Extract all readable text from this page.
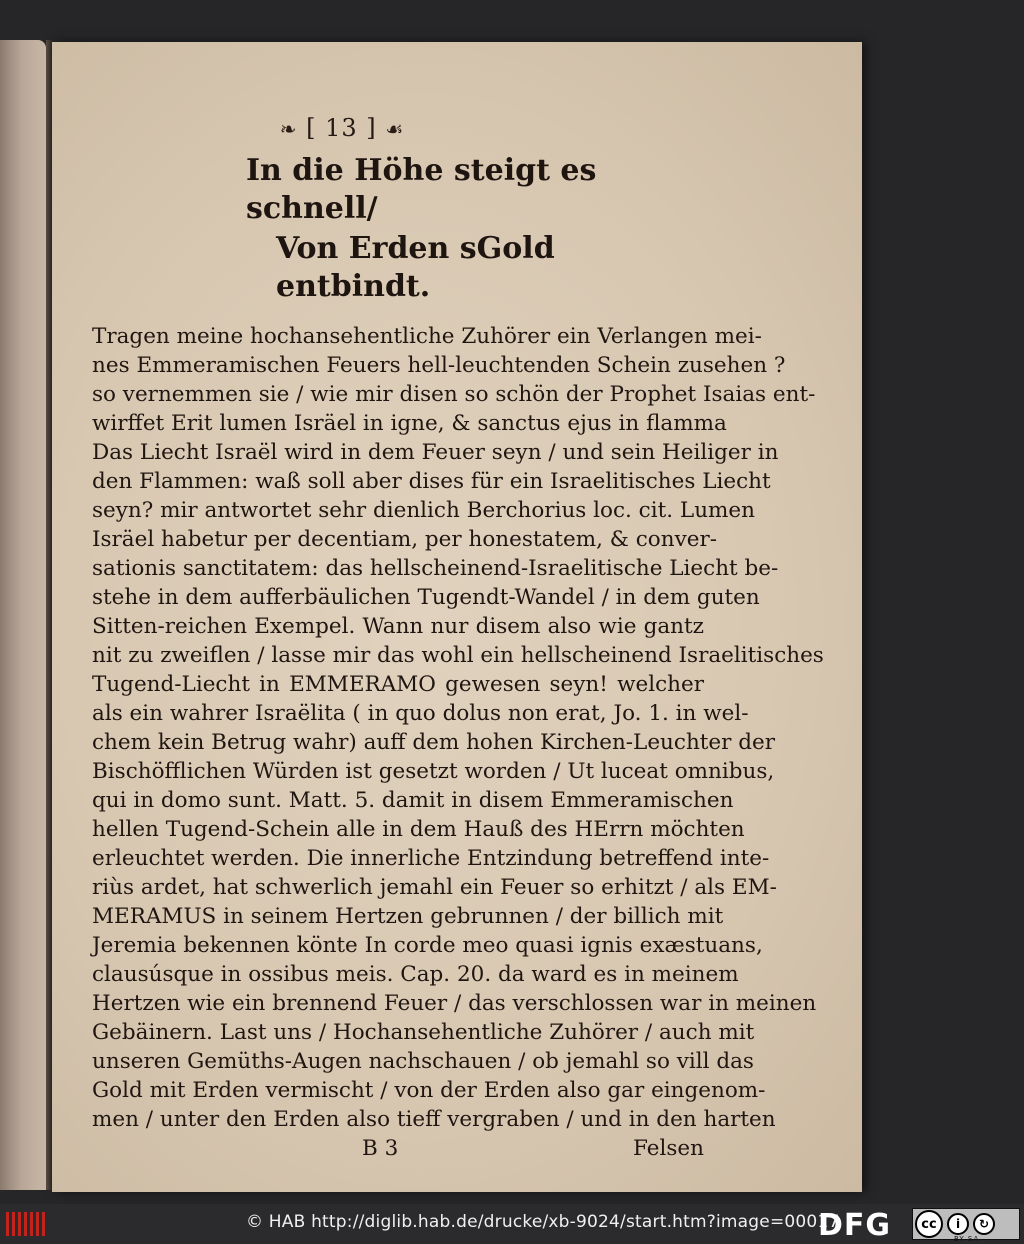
❧ [ 13 ] ☙
In die Höhe steigt es schnell/
Von Erden sGold entbindt.
Tragen meine hochansehentliche Zuhörer ein Verlangen mei-
nes Emmeramischen Feuers hell-leuchtenden Schein zusehen ?
so vernemmen sie / wie mir disen so schön der Prophet Isaias ent-
wirffet Erit lumen Isräel in igne, & sanctus ejus in flamma
Das Liecht Israël wird in dem Feuer seyn / und sein Heiliger in
den Flammen: waß soll aber dises für ein Israelitisches Liecht
seyn? mir antwortet sehr dienlich Berchorius loc. cit. Lumen
Isräel habetur per decentiam, per honestatem, & conver-
sationis sanctitatem: das hellscheinend-Israelitische Liecht be-
stehe in dem aufferbäulichen Tugendt-Wandel / in dem guten
Sitten-reichen Exempel. Wann nur disem also wie gantz
nit zu zweiflen / lasse mir das wohl ein hellscheinend Israelitisches
Tugend-Liecht in EMMERAMO gewesen seyn! welcher
als ein wahrer Israëlita ( in quo dolus non erat, Jo. 1. in wel-
chem kein Betrug wahr) auff dem hohen Kirchen-Leuchter der
Bischöfflichen Würden ist gesetzt worden / Ut luceat omnibus,
qui in domo sunt. Matt. 5. damit in disem Emmeramischen
hellen Tugend-Schein alle in dem Hauß des HErrn möchten
erleuchtet werden. Die innerliche Entzindung betreffend inte-
riùs ardet, hat schwerlich jemahl ein Feuer so erhitzt / als EM-
MERAMUS in seinem Hertzen gebrunnen / der billich mit
Jeremia bekennen könte In corde meo quasi ignis exæstuans,
clausúsque in ossibus meis. Cap. 20. da ward es in meinem
Hertzen wie ein brennend Feuer / das verschlossen war in meinen
Gebäinern. Last uns / Hochansehentliche Zuhörer / auch mit
unseren Gemüths-Augen nachschauen / ob jemahl so vill das
Gold mit Erden vermischt / von der Erden also gar eingenom-
men / unter den Erden also tieff vergraben / und in den harten
B 3	Felsen
© HAB http://diglib.hab.de/drucke/xb-9024/start.htm?image=00017
DFG	cc	i	↻
BY SA
